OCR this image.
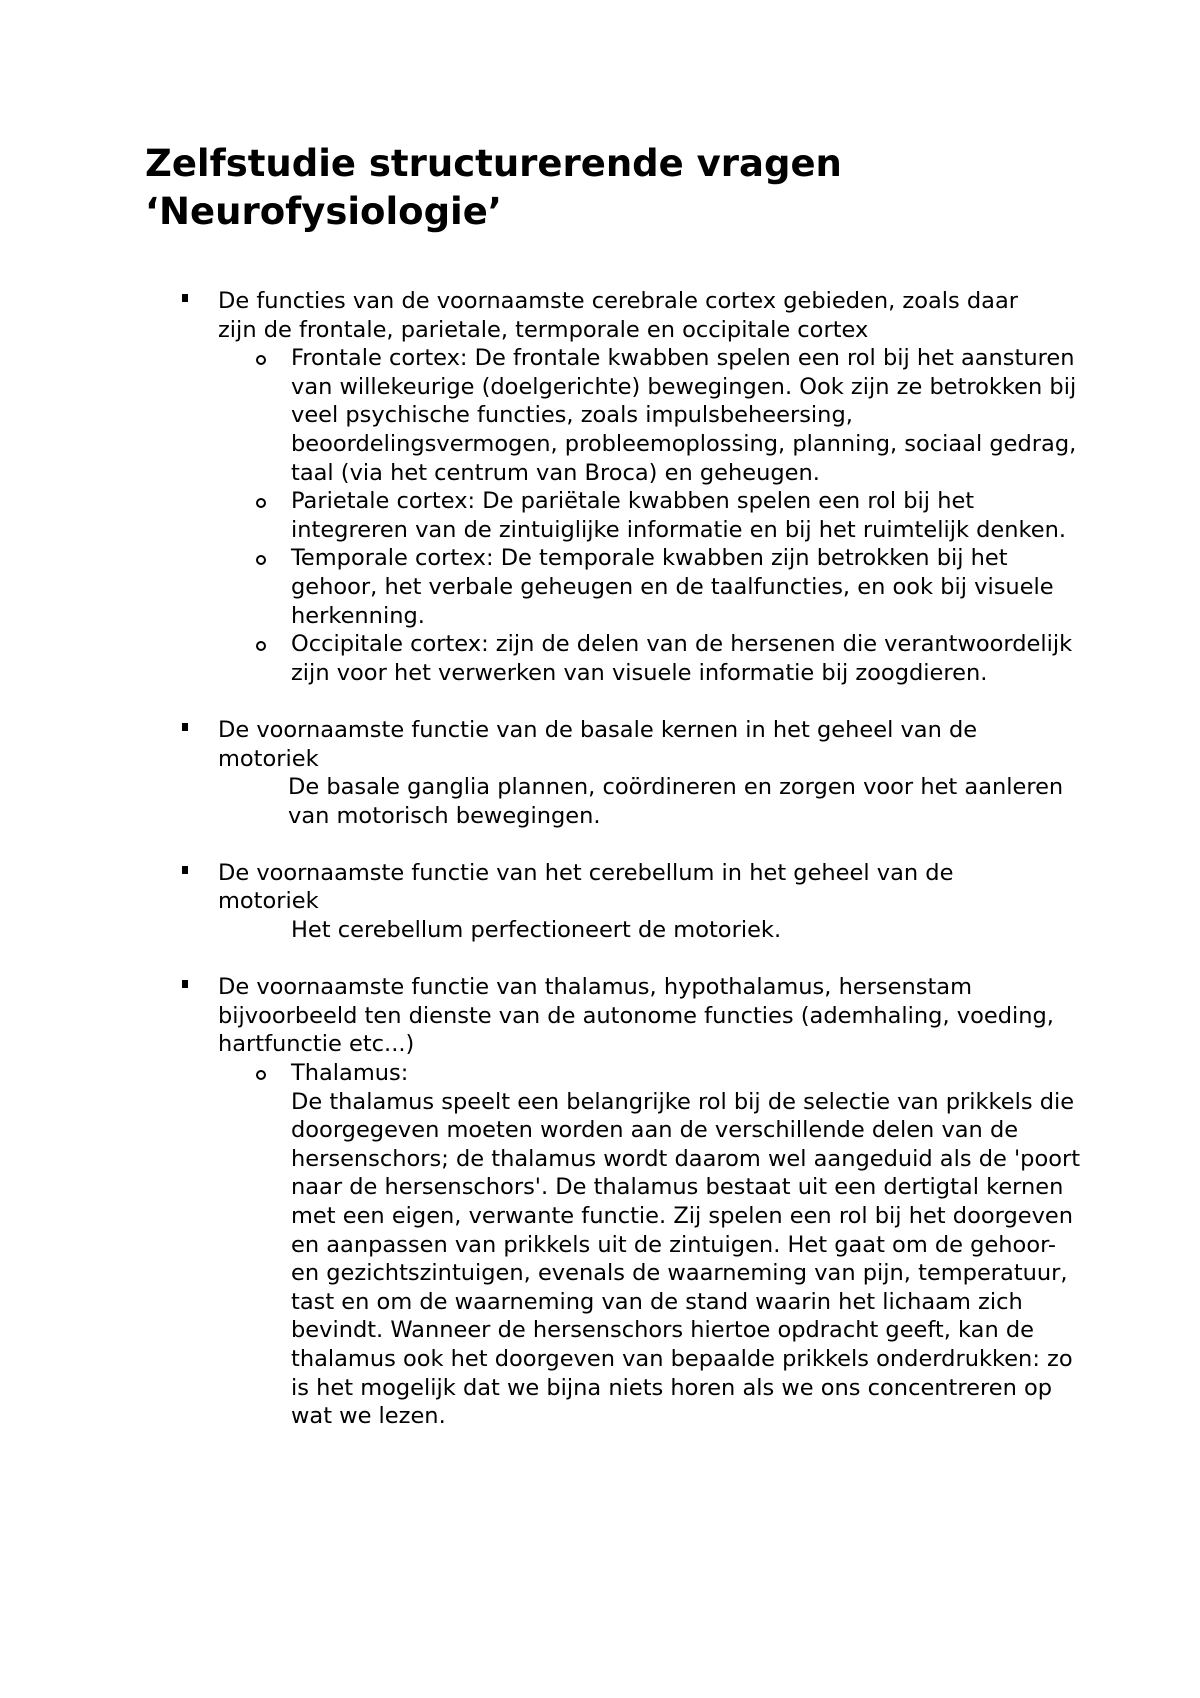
Zelfstudie structurerende vragen
‘Neurofysiologie’
De functies van de voornaamste cerebrale cortex gebieden, zoals daar zijn de frontale, parietale, termporale en occipitale cortex
Frontale cortex: De frontale kwabben spelen een rol bij het aansturen van willekeurige (doelgerichte) bewegingen. Ook zijn ze betrokken bij veel psychische functies, zoals impulsbeheersing, beoordelingsvermogen, probleemoplossing, planning, sociaal gedrag, taal (via het centrum van Broca) en geheugen.
Parietale cortex: De pariëtale kwabben spelen een rol bij het integreren van de zintuiglijke informatie en bij het ruimtelijk denken.
Temporale cortex: De temporale kwabben zijn betrokken bij het gehoor, het verbale geheugen en de taalfuncties, en ook bij visuele herkenning.
Occipitale cortex: zijn de delen van de hersenen die verantwoordelijk zijn voor het verwerken van visuele informatie bij zoogdieren.
De voornaamste functie van de basale kernen in het geheel van de motoriek
De basale ganglia plannen, coördineren en zorgen voor het aanleren van motorisch bewegingen.
De voornaamste functie van het cerebellum in het geheel van de motoriek
Het cerebellum perfectioneert de motoriek.
De voornaamste functie van thalamus, hypothalamus, hersenstam bijvoorbeeld ten dienste van de autonome functies (ademhaling, voeding, hartfunctie etc...)
Thalamus:
De thalamus speelt een belangrijke rol bij de selectie van prikkels die doorgegeven moeten worden aan de verschillende delen van de hersenschors; de thalamus wordt daarom wel aangeduid als de 'poort naar de hersenschors'. De thalamus bestaat uit een dertigtal kernen met een eigen, verwante functie. Zij spelen een rol bij het doorgeven en aanpassen van prikkels uit de zintuigen. Het gaat om de gehoor- en gezichtszintuigen, evenals de waarneming van pijn, temperatuur, tast en om de waarneming van de stand waarin het lichaam zich bevindt. Wanneer de hersenschors hiertoe opdracht geeft, kan de thalamus ook het doorgeven van bepaalde prikkels onderdrukken: zo is het mogelijk dat we bijna niets horen als we ons concentreren op wat we lezen.
